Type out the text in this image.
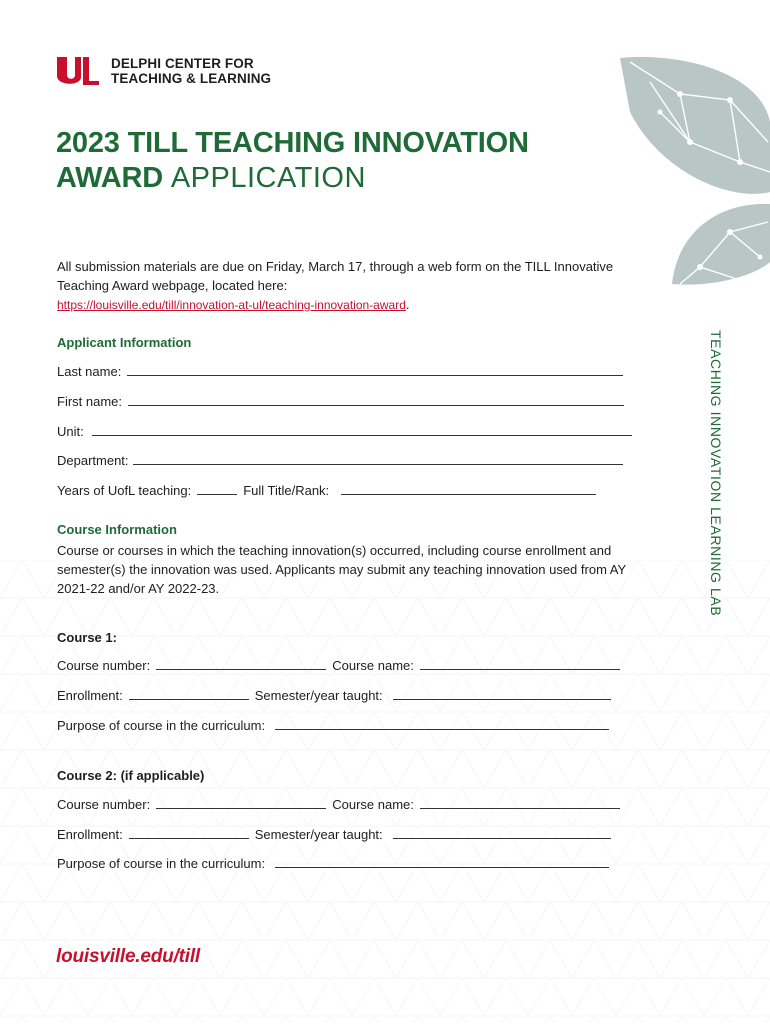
TEACHING INNOVATION LEARNING LAB
DELPHI CENTER FOR
TEACHING & LEARNING
2023 TILL TEACHING INNOVATION AWARD APPLICATION
All submission materials are due on Friday, March 17, through a web form on the TILL Innovative Teaching Award webpage, located here:
https://louisville.edu/till/innovation-at-ul/teaching-innovation-award.
Applicant Information
Last name:
First name:
Unit:
Department:
Years of UofL teaching:	Full Title/Rank:
Course Information
Course or courses in which the teaching innovation(s) occurred, including course enrollment and semester(s) the innovation was used. Applicants may submit any teaching innovation used from AY 2021-22 and/or AY 2022-23.
Course 1:
Course number:	Course name:
Enrollment:	Semester/year taught:
Purpose of course in the curriculum:
Course 2: (if applicable)
Course number:	Course name:
Enrollment:	Semester/year taught:
Purpose of course in the curriculum:
louisville.edu/till
